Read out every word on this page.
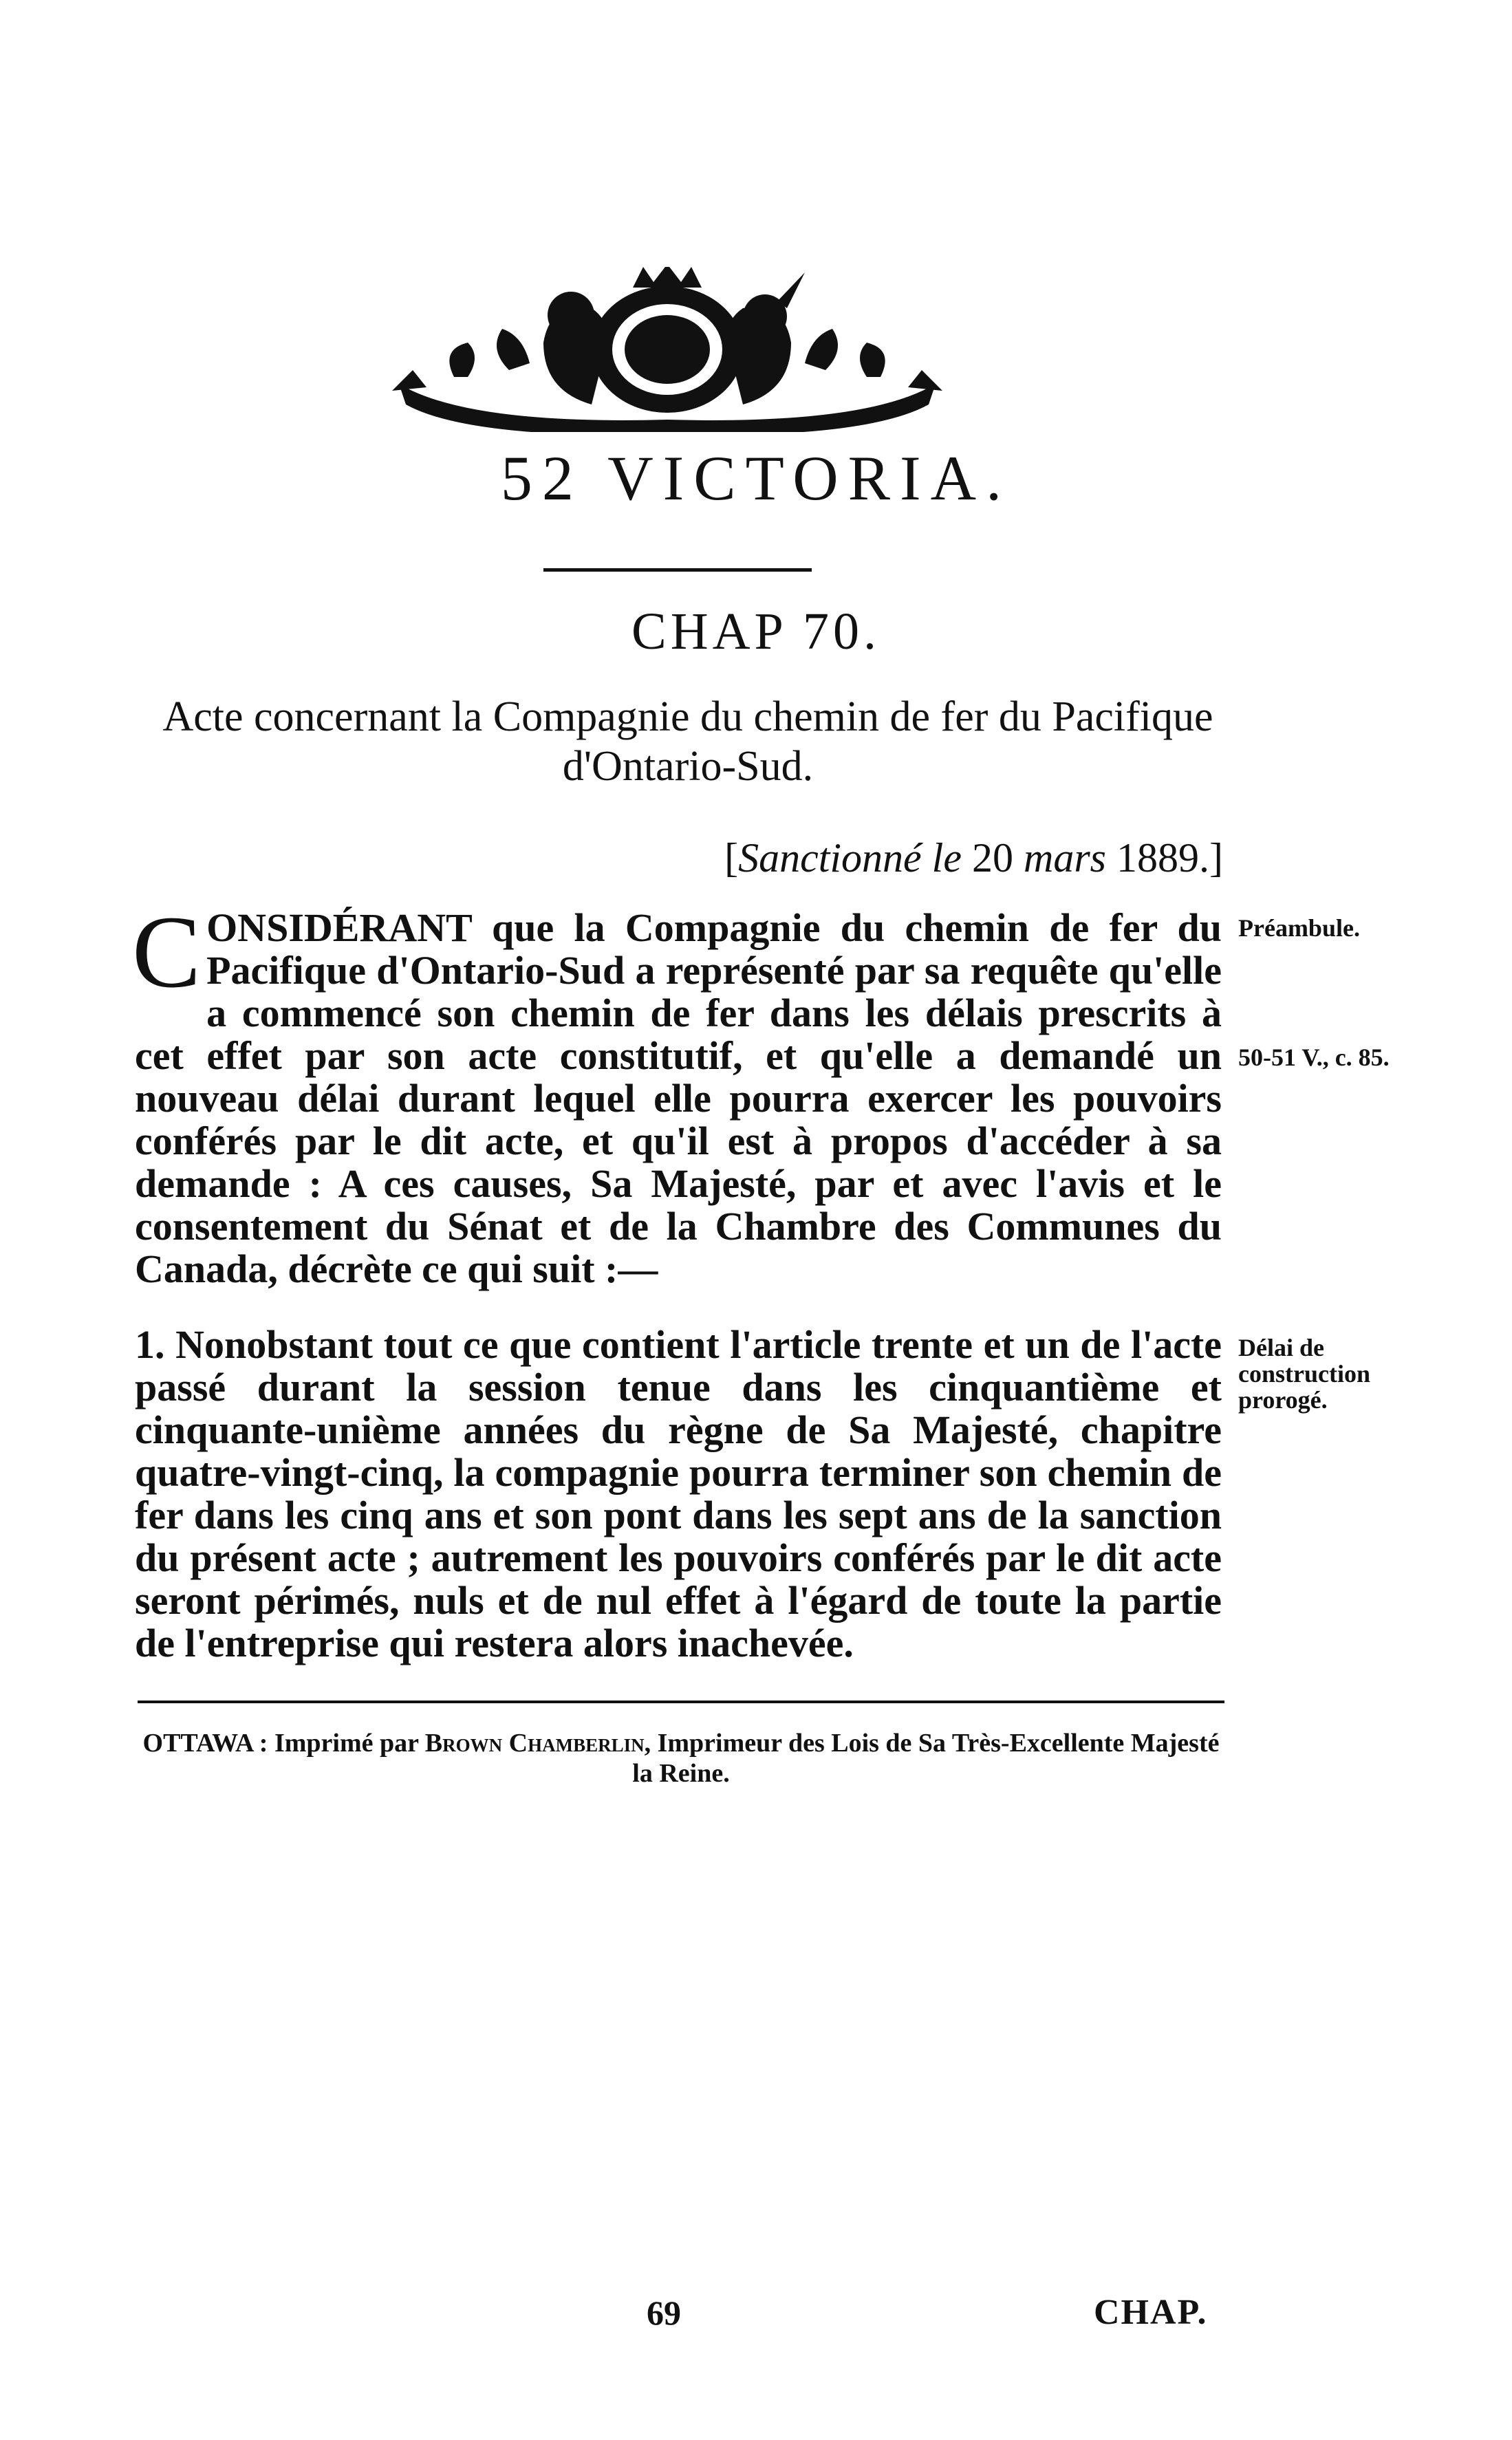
52 VICTORIA.
CHAP 70.
Acte concernant la Compagnie du chemin de fer du Pacifique d'Ontario-Sud.
[Sanctionné le 20 mars 1889.]

CONSIDÉRANT que la Compagnie du chemin de fer du Pacifique d'Ontario-Sud a représenté par sa requête qu'elle a commencé son chemin de fer dans les délais prescrits à cet effet par son acte constitutif, et qu'elle a demandé un nouveau délai durant lequel elle pourra exercer les pouvoirs conférés par le dit acte, et qu'il est à propos d'accéder à sa demande : A ces causes, Sa Majesté, par et avec l'avis et le consentement du Sénat et de la Chambre des Communes du Canada, décrète ce qui suit :—

Préambule.
50-51 V., c. 85.

1. Nonobstant tout ce que contient l'article trente et un de l'acte passé durant la session tenue dans les cinquantième et cinquante-unième années du règne de Sa Majesté, chapitre quatre-vingt-cinq, la compagnie pourra terminer son chemin de fer dans les cinq ans et son pont dans les sept ans de la sanction du présent acte ; autrement les pouvoirs conférés par le dit acte seront périmés, nuls et de nul effet à l'égard de toute la partie de l'entreprise qui restera alors inachevée.

Délai de construction prorogé.
OTTAWA : Imprimé par Brown Chamberlin, Imprimeur des Lois de Sa Très-Excellente Majesté la Reine.
69	CHAP.
